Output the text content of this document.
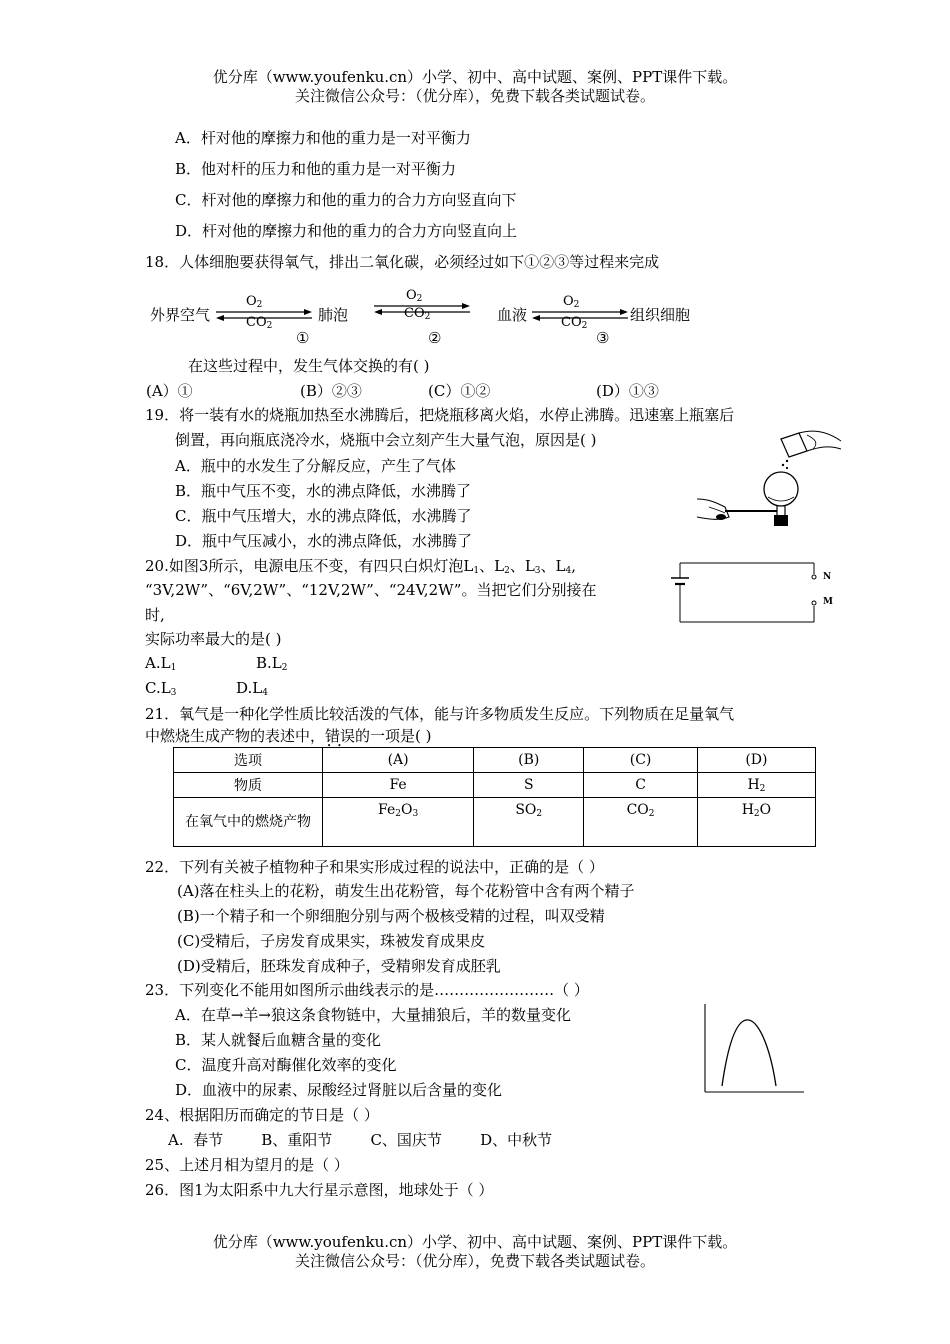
优分库（www.youfenku.cn）小学、初中、高中试题、案例、PPT课件下载。
关注微信公众号：（优分库），免费下载各类试题试卷。
A．杆对他的摩擦力和他的重力是一对平衡力
B．他对杆的压力和他的重力是一对平衡力
C．杆对他的摩擦力和他的重力的合力方向竖直向下
D．杆对他的摩擦力和他的重力的合力方向竖直向上
18．人体细胞要获得氧气，排出二氧化碳，必须经过如下①②③等过程来完成
外界空气	肺泡	血液	组织细胞
$O_2$
$CO_2$
①
$O_2$
$CO_2$
②
$O_2$
$CO_2$
③
在这些过程中，发生气体交换的有( )
(A）①	(B）②③	(C）①②	(D）①③
19．将一装有水的烧瓶加热至水沸腾后，把烧瓶移离火焰，水停止沸腾。迅速塞上瓶塞后
倒置，再向瓶底浇冷水，烧瓶中会立刻产生大量气泡，原因是( )
A．瓶中的水发生了分解反应，产生了气体
B．瓶中气压不变，水的沸点降低，水沸腾了
C．瓶中气压增大，水的沸点降低，水沸腾了
D．瓶中气压减小，水的沸点降低，水沸腾了
20.如图3所示，电源电压不变，有四只白炽灯泡$L_1$、$L_2$、$L_3$、$L_4$,
“3V,2W”、“6V,2W”、“12V,2W”、“24V,2W”。当把它们分别接在
时,
实际功率最大的是( )
$A.L_1$	$B.L_2$
$C.L_3$	$D.L_4$
N
M
21．氧气是一种化学性质比较活泼的气体，能与许多物质发生反应。下列物质在足量氧气
中燃烧生成产物的表述中，错误 • •的一项是( )
选项	(A)	(B)	(C)	(D)
物质	Fe	S	C	$H_2$
在氧气中的燃烧产物	$Fe_2O_3$	$SO_2$	$CO_2$	$H_2O$
22．下列有关被子植物种子和果实形成过程的说法中，正确的是（ ）
(A)落在柱头上的花粉，萌发生出花粉管，每个花粉管中含有两个精子
(B)一个精子和一个卵细胞分别与两个极核受精的过程，叫双受精
(C)受精后，子房发育成果实，珠被发育成果皮
(D)受精后，胚珠发育成种子，受精卵发育成胚乳
23．下列变化不能用如图所示曲线表示的是……………………（ ）
A．在草→羊→狼这条食物链中，大量捕狼后，羊的数量变化
B．某人就餐后血糖含量的变化
C．温度升高对酶催化效率的变化
D．血液中的尿素、尿酸经过肾脏以后含量的变化
24、根据阳历而确定的节日是（ ）
A.  春节        B、重阳节        C、国庆节        D、中秋节
25、上述月相为望月的是（ ）
26．图1为太阳系中九大行星示意图，地球处于（ ）
优分库（www.youfenku.cn）小学、初中、高中试题、案例、PPT课件下载。
关注微信公众号：（优分库），免费下载各类试题试卷。
